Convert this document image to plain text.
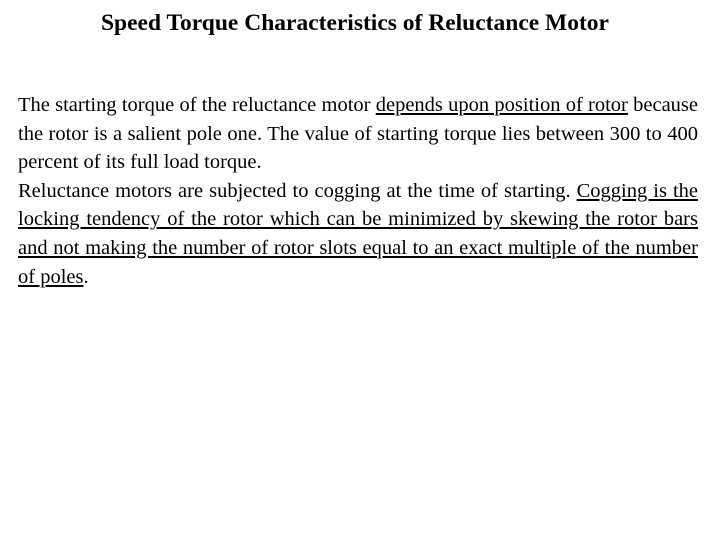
Speed Torque Characteristics of Reluctance Motor

The starting torque of the reluctance motor depends upon position of rotor because the rotor is a salient pole one. The value of starting torque lies between 300 to 400 percent of its full load torque.

Reluctance motors are subjected to cogging at the time of starting. Cogging is the locking tendency of the rotor which can be minimized by skewing the rotor bars and not making the number of rotor slots equal to an exact multiple of the number of poles.
